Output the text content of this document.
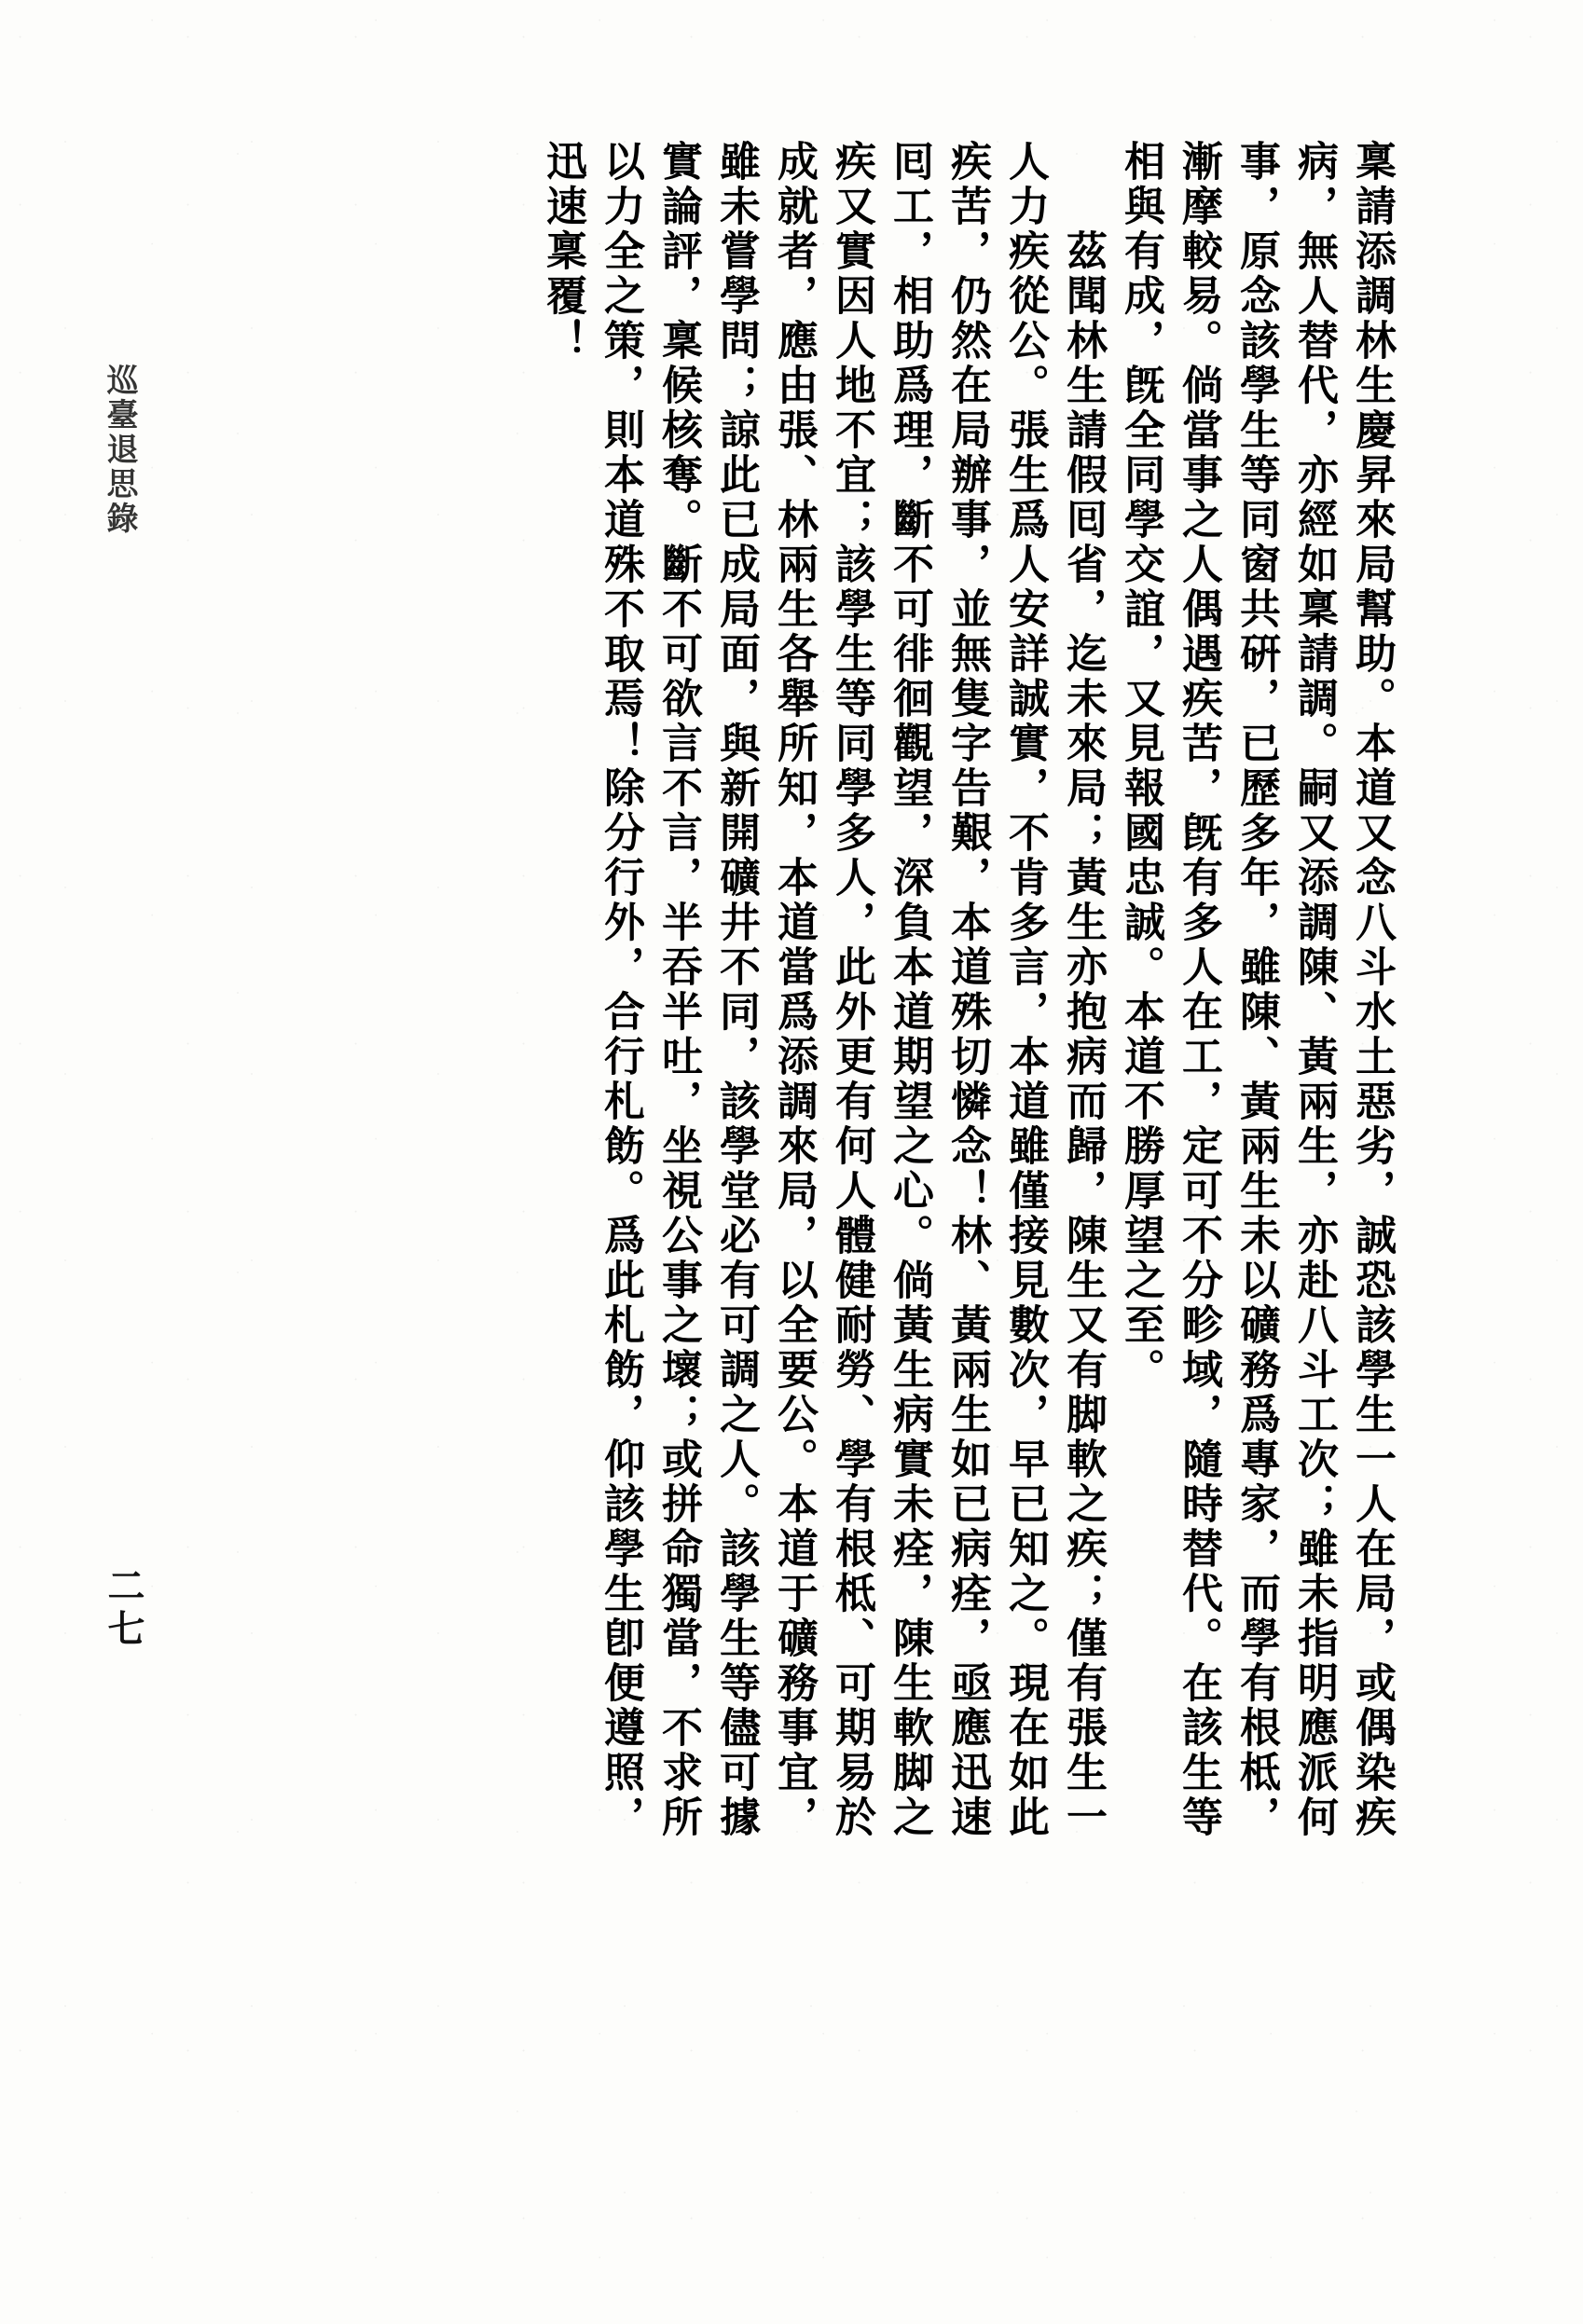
巡臺退思錄
二七	稟請添調林生慶昇來局幫助。本道又念八斗水土惡劣，誠恐該學生一人在局，或偶染疾
病，無人替代，亦經如稟請調。嗣又添調陳、黃兩生，亦赴八斗工次；雖未指明應派何
事，原念該學生等同窗共硏，已歷多年，雖陳、黃兩生未以礦務爲專家，而學有根柢，
漸摩較易。倘當事之人偶遇疾苦，旣有多人在工，定可不分畛域，隨時替代。在該生等
相與有成，旣全同學交誼，又見報國忠誠。本道不勝厚望之至。
　　茲聞林生請假囘省，迄未來局；黃生亦抱病而歸，陳生又有脚軟之疾；僅有張生一
人力疾從公。張生爲人安詳誠實，不肯多言，本道雖僅接見數次，早已知之。現在如此
疾苦，仍然在局辦事，並無隻字告艱，本道殊切憐念！林、黃兩生如已病痊，亟應迅速
囘工，相助爲理，斷不可徘徊觀望，深負本道期望之心。倘黃生病實未痊，陳生軟脚之
疾又實因人地不宜；該學生等同學多人，此外更有何人體健耐勞、學有根柢、可期易於
成就者，應由張、林兩生各舉所知，本道當爲添調來局，以全要公。本道于礦務事宜，
雖未嘗學問；諒此已成局面，與新開礦井不同，該學堂必有可調之人。該學生等儘可據
實論評，稟候核奪。斷不可欲言不言，半吞半吐，坐視公事之壞；或拼命獨當，不求所
以力全之策，則本道殊不取焉！除分行外，合行札飭。爲此札飭，仰該學生卽便遵照，
迅速稟覆！
